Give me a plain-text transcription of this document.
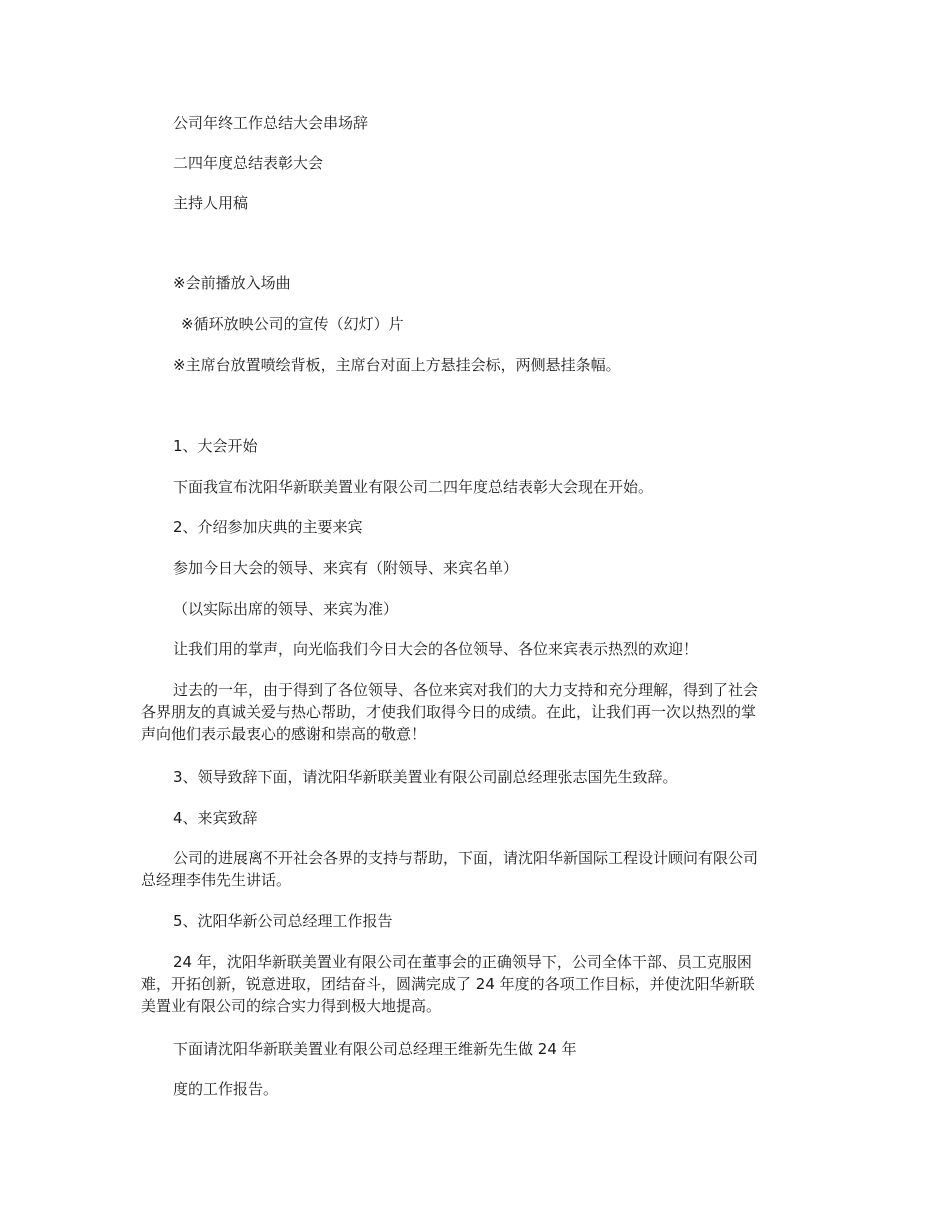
公司年终工作总结大会串场辞

二四年度总结表彰大会

主持人用稿

※会前播放入场曲

※循环放映公司的宣传（幻灯）片

※主席台放置喷绘背板，主席台对面上方悬挂会标，两侧悬挂条幅。

1、大会开始

下面我宣布沈阳华新联美置业有限公司二四年度总结表彰大会现在开始。

2、介绍参加庆典的主要来宾

参加今日大会的领导、来宾有（附领导、来宾名单）

（以实际出席的领导、来宾为准）

让我们用的掌声，向光临我们今日大会的各位领导、各位来宾表示热烈的欢迎！

过去的一年，由于得到了各位领导、各位来宾对我们的大力支持和充分理解，得到了社会
各界朋友的真诚关爱与热心帮助，才使我们取得今日的成绩。在此，让我们再一次以热烈的掌
声向他们表示最衷心的感谢和崇高的敬意！

3、领导致辞下面，请沈阳华新联美置业有限公司副总经理张志国先生致辞。

4、来宾致辞

公司的进展离不开社会各界的支持与帮助，下面，请沈阳华新国际工程设计顾问有限公司
总经理李伟先生讲话。

5、沈阳华新公司总经理工作报告

24 年，沈阳华新联美置业有限公司在董事会的正确领导下，公司全体干部、员工克服困
难，开拓创新，锐意进取，团结奋斗，圆满完成了 24 年度的各项工作目标，并使沈阳华新联
美置业有限公司的综合实力得到极大地提高。

下面请沈阳华新联美置业有限公司总经理王维新先生做 24 年

度的工作报告。
